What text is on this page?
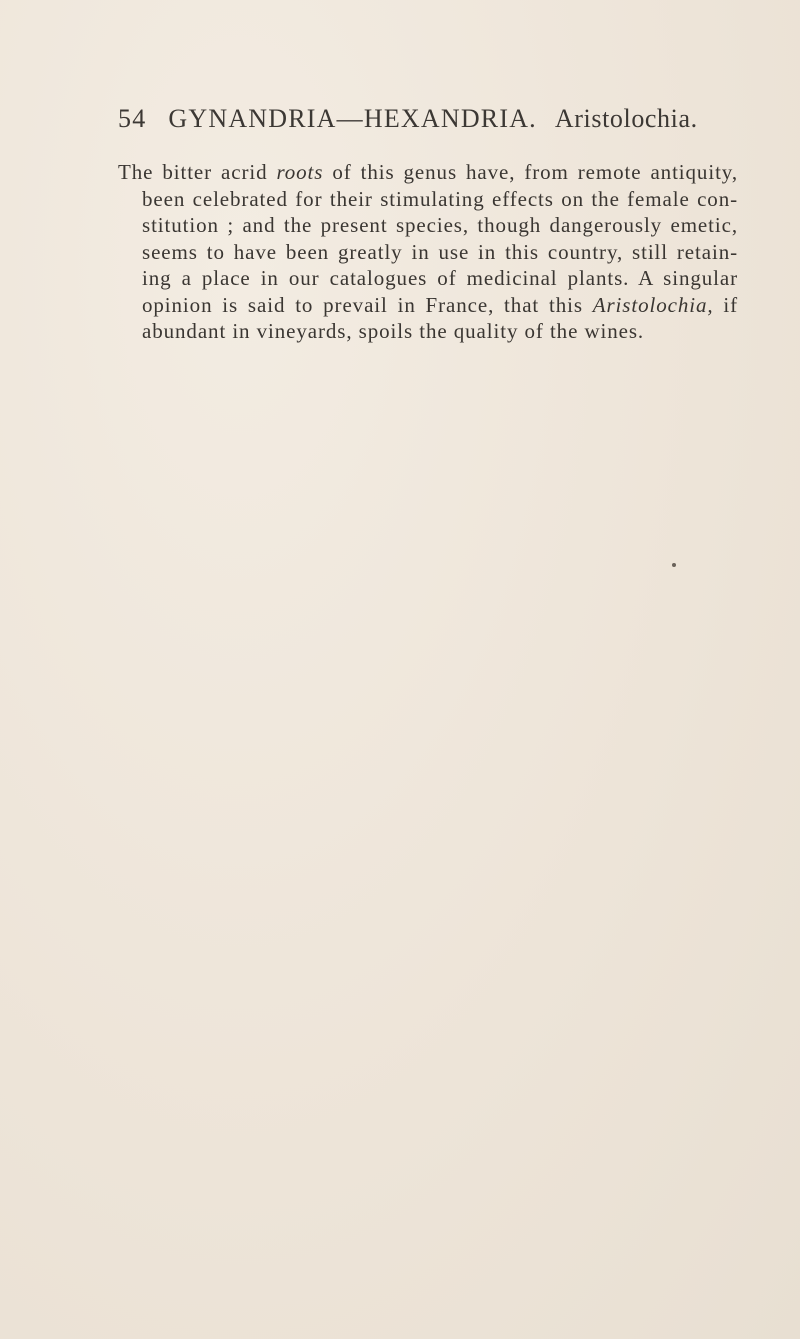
54 GYNANDRIA—HEXANDRIA. Aristolochia.
The bitter acrid roots of this genus have, from remote antiquity,
been celebrated for their stimulating effects on the female con-
stitution ; and the present species, though dangerously emetic,
seems to have been greatly in use in this country, still retain-
ing a place in our catalogues of medicinal plants. A singular
opinion is said to prevail in France, that this Aristolochia, if
abundant in vineyards, spoils the quality of the wines.
